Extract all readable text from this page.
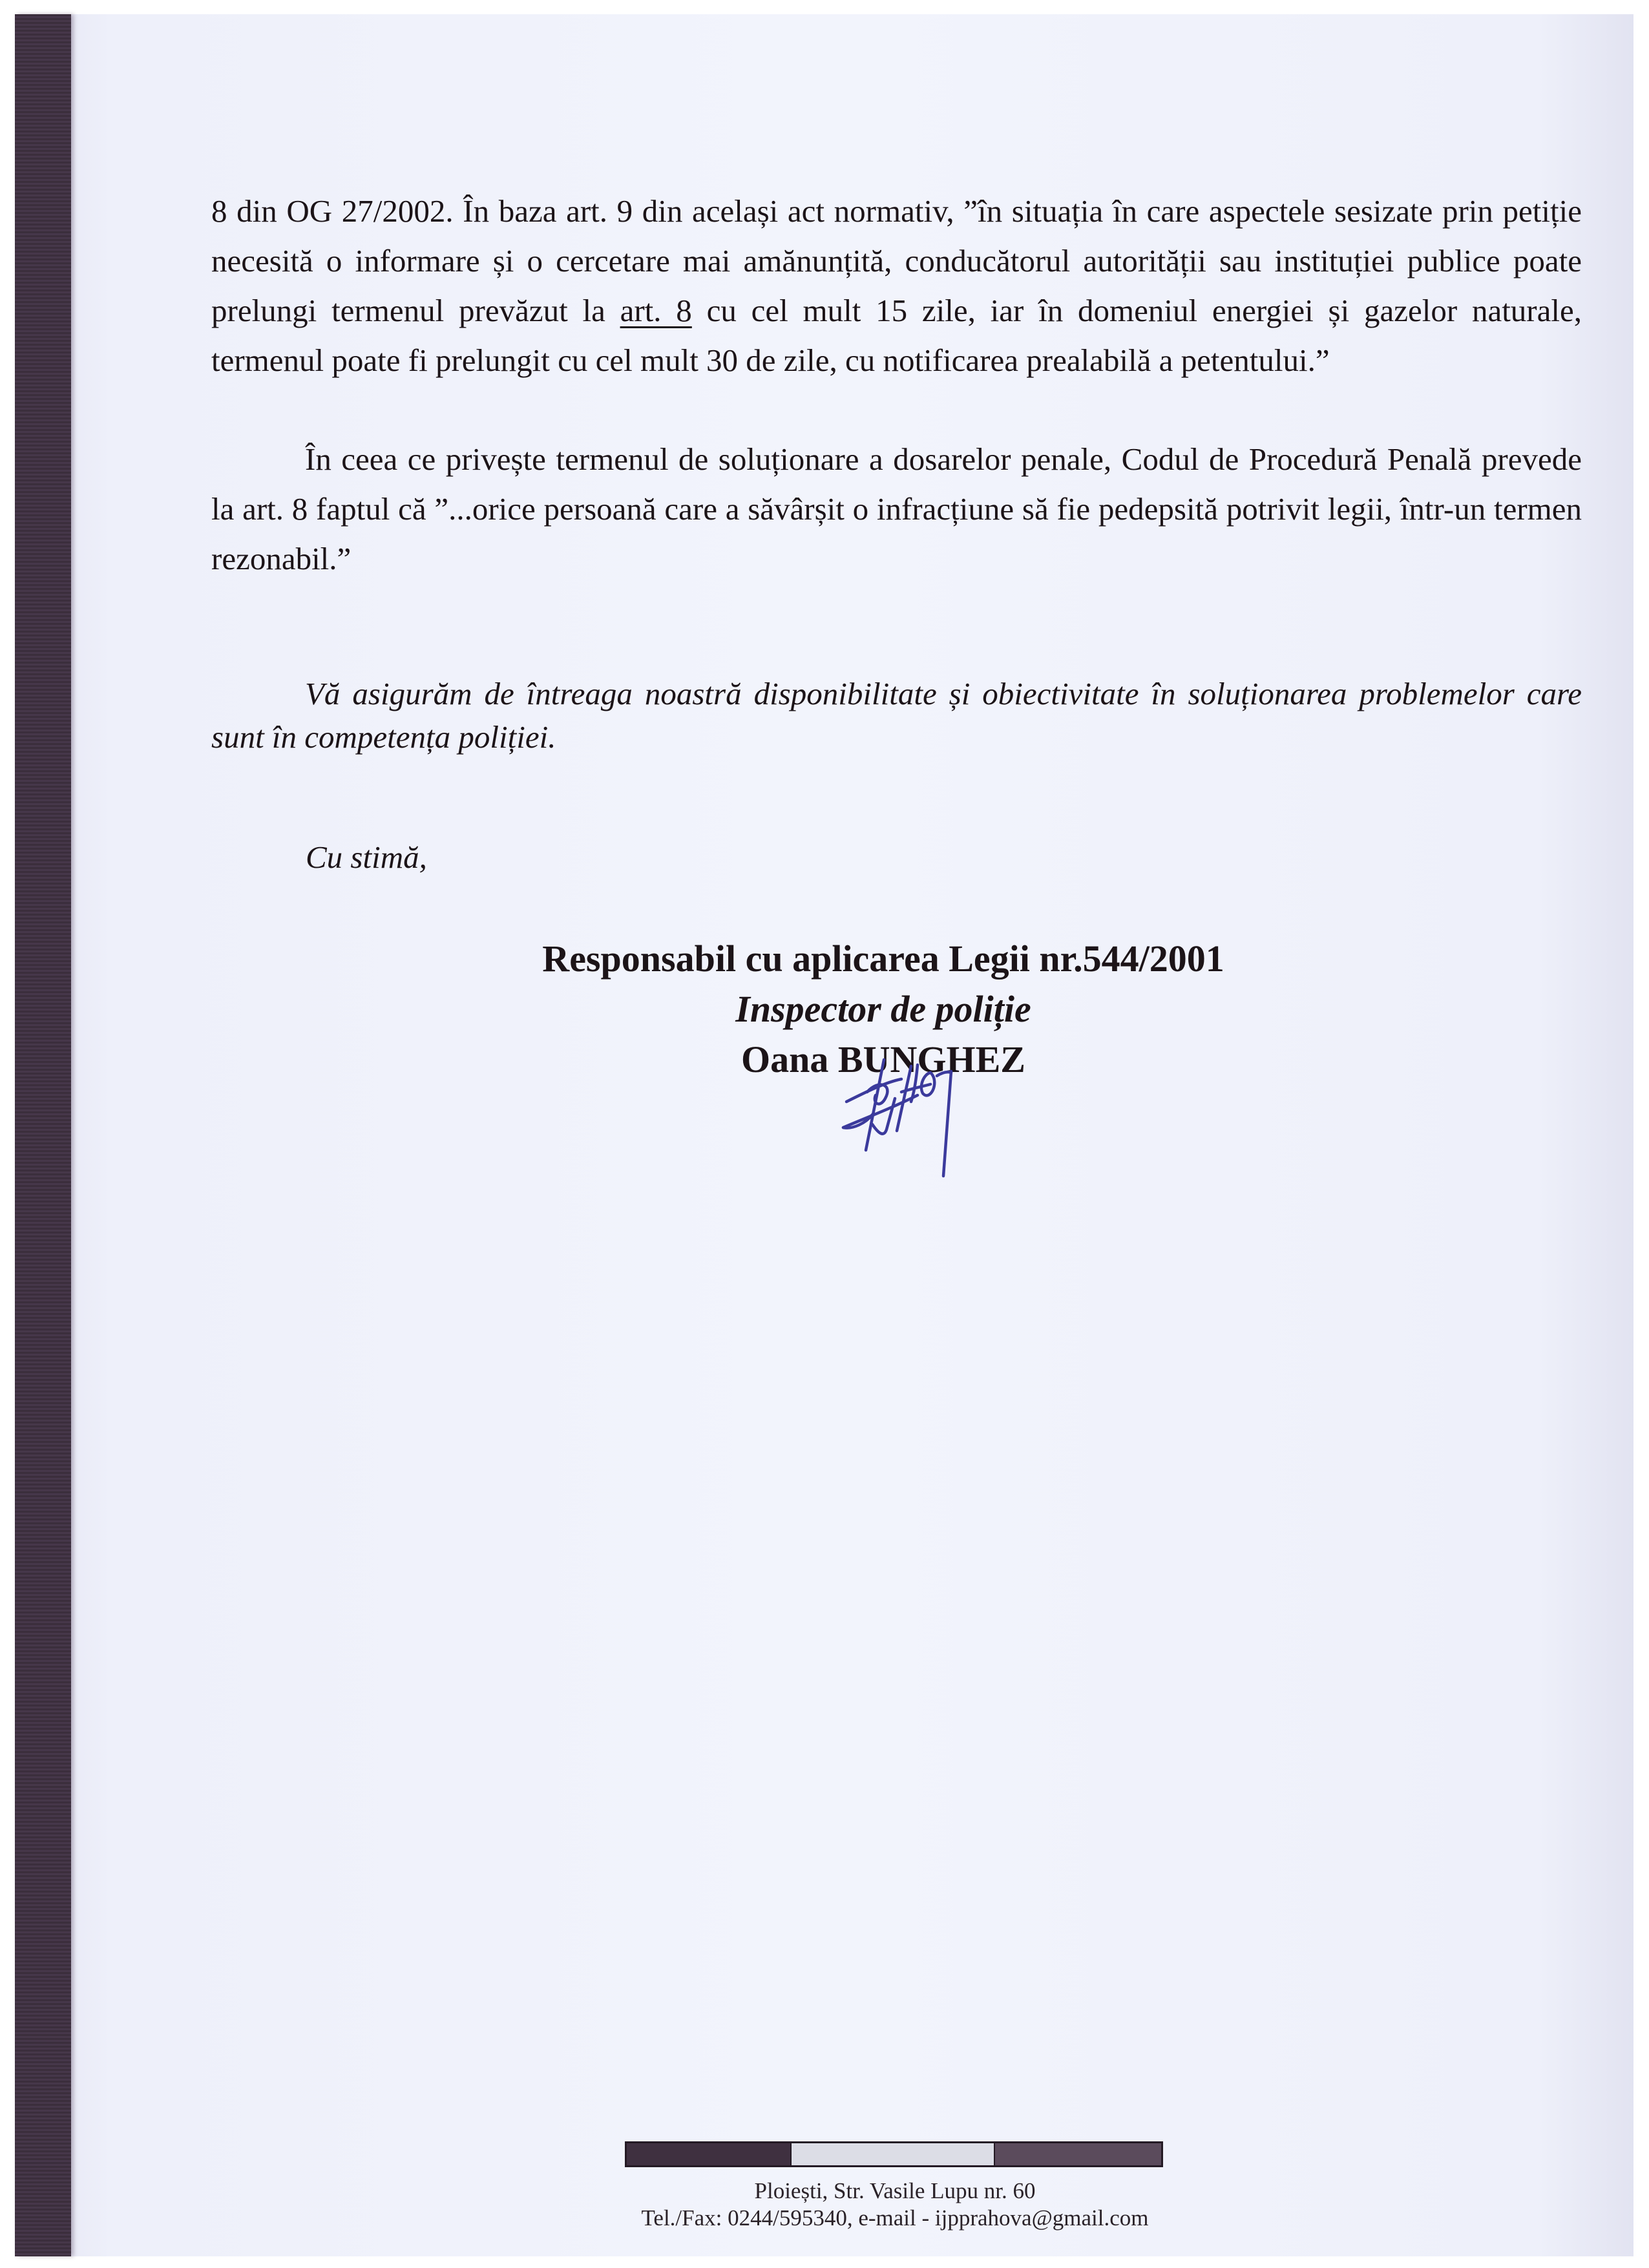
8 din OG 27/2002. În baza art. 9 din același act normativ, ”în situația în care aspectele sesizate prin petiție necesită o informare și o cercetare mai amănunțită, conducătorul autorității sau instituției publice poate prelungi termenul prevăzut la art. 8 cu cel mult 15 zile, iar în domeniul energiei și gazelor naturale, termenul poate fi prelungit cu cel mult 30 de zile, cu notificarea prealabilă a petentului.”

În ceea ce privește termenul de soluționare a dosarelor penale, Codul de Procedură Penală prevede la art. 8 faptul că ”...orice persoană care a săvârșit o infracțiune să fie pedepsită potrivit legii, într-un termen rezonabil.”

Vă asigurăm de întreaga noastră disponibilitate și obiectivitate în soluționarea problemelor care sunt în competența poliției.

Cu stimă,
Responsabil cu aplicarea Legii nr.544/2001
Inspector de poliție
Oana BUNGHEZ
Ploiești, Str. Vasile Lupu nr. 60
Tel./Fax: 0244/595340, e-mail - ijpprahova@gmail.com
